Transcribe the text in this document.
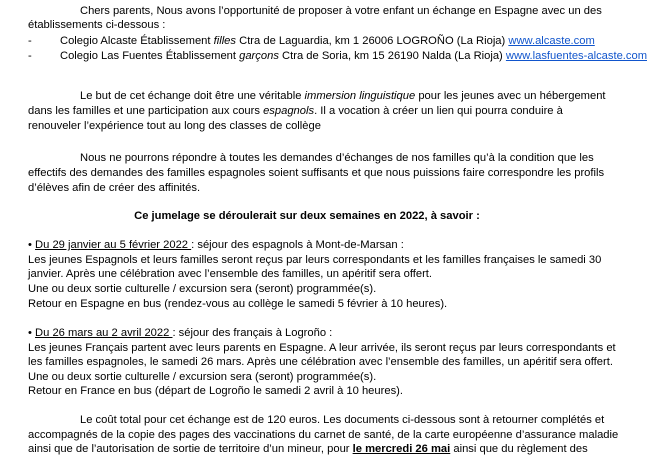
Chers parents, Nous avons l’opportunité de proposer à votre enfant un échange en Espagne avec un des
établissements ci-dessous :
-	Colegio Alcaste Établissement filles Ctra de Laguardia, km 1 26006 LOGROÑO (La Rioja) www.alcaste.com
-	Colegio Las Fuentes Établissement garçons Ctra de Soria, km 15 26190 Nalda (La Rioja) www.lasfuentes-alcaste.com
Le but de cet échange doit être une véritable immersion linguistique pour les jeunes avec un hébergement
dans les familles et une participation aux cours espagnols. Il a vocation à créer un lien qui pourra conduire à
renouveler l’expérience tout au long des classes de collège
Nous ne pourrons répondre à toutes les demandes d’échanges de nos familles qu’à la condition que les
effectifs des demandes des familles espagnoles soient suffisants et que nous puissions faire correspondre les profils
d’élèves afin de créer des affinités.
Ce jumelage se déroulerait sur deux semaines en 2022, à savoir :
• Du 29 janvier au 5 février 2022 : séjour des espagnols à Mont-de-Marsan :
Les jeunes Espagnols et leurs familles seront reçus par leurs correspondants et les familles françaises le samedi 30
janvier. Après une célébration avec l’ensemble des familles, un apéritif sera offert.
Une ou deux sortie culturelle / excursion sera (seront) programmée(s).
Retour en Espagne en bus (rendez-vous au collège le samedi 5 février à 10 heures).
• Du 26 mars au 2 avril 2022 : séjour des français à Logroño :
Les jeunes Français partent avec leurs parents en Espagne. A leur arrivée, ils seront reçus par leurs correspondants et
les familles espagnoles, le samedi 26 mars. Après une célébration avec l’ensemble des familles, un apéritif sera offert.
Une ou deux sortie culturelle / excursion sera (seront) programmée(s).
Retour en France en bus (départ de Logroño le samedi 2 avril à 10 heures).
Le coût total pour cet échange est de 120 euros. Les documents ci-dessous sont à retourner complétés et
accompagnés de la copie des pages des vaccinations du carnet de santé, de la carte européenne d’assurance maladie
ainsi que de l’autorisation de sortie de territoire d’un mineur, pour le mercredi 26 mai ainsi que du règlement des
